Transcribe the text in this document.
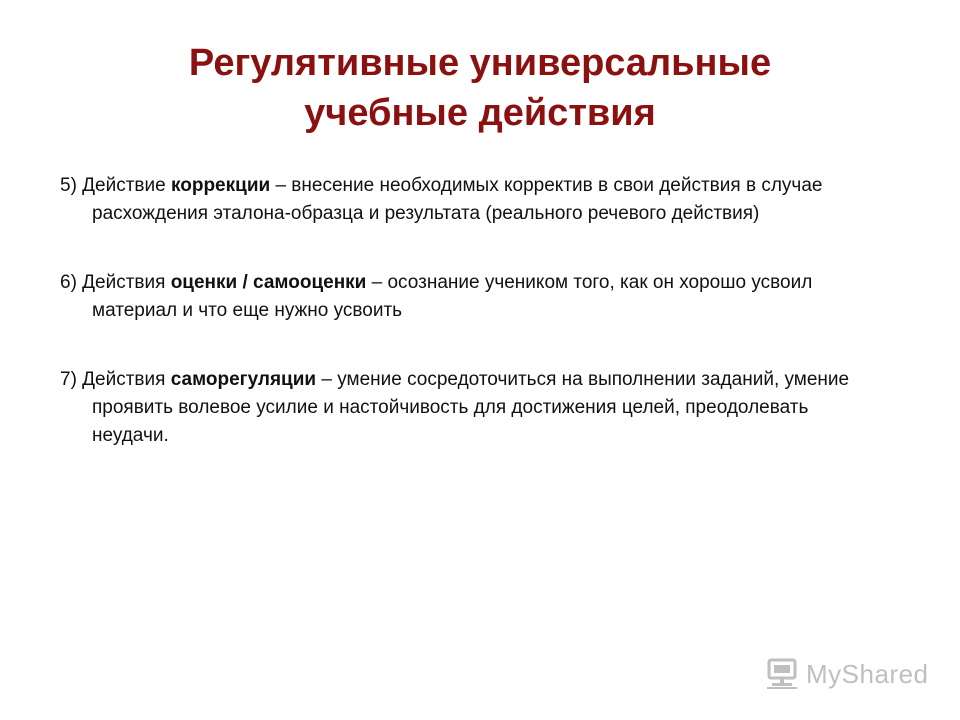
Регулятивные универсальные
учебные действия

5) Действие коррекции – внесение необходимых корректив в свои действия в случае расхождения эталона-образца и результата (реального речевого действия)

6) Действия оценки / самооценки – осознание учеником того, как он хорошо усвоил материал и что еще нужно усвоить

7) Действия саморегуляции – умение сосредоточиться на выполнении заданий, умение проявить волевое усилие и настойчивость для достижения целей, преодолевать неудачи.

MyShared
